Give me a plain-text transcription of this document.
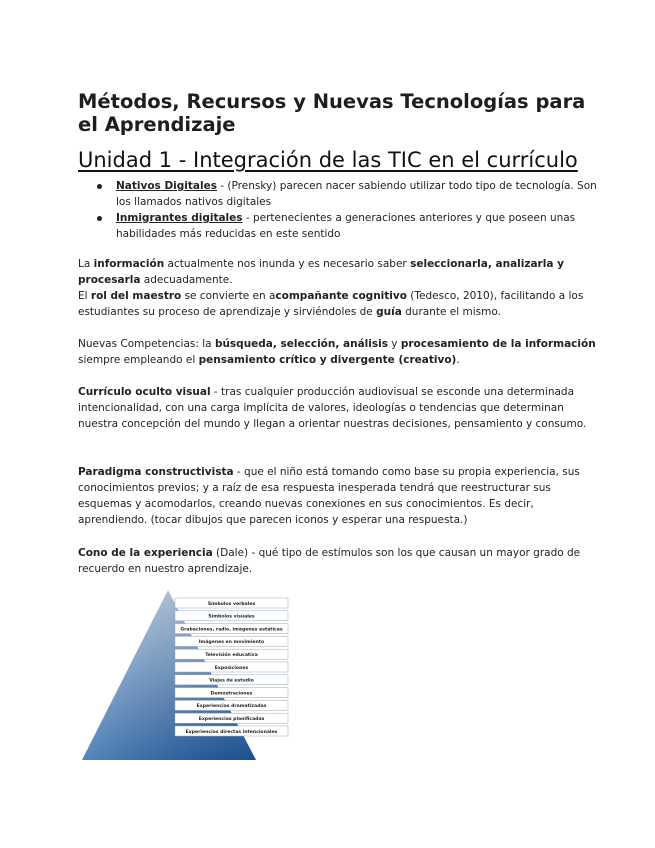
Métodos, Recursos y Nuevas Tecnologías para el Aprendizaje
Unidad 1 - Integración de las TIC en el currículo
Nativos Digitales - (Prensky) parecen nacer sabiendo utilizar todo tipo de tecnología. Son los llamados nativos digitales
Inmigrantes digitales - pertenecientes a generaciones anteriores y que poseen unas habilidades más reducidas en este sentido

La información actualmente nos inunda y es necesario saber seleccionarla, analizarla y procesarla adecuadamente.
El rol del maestro se convierte en acompañante cognitivo (Tedesco, 2010), facilitando a los estudiantes su proceso de aprendizaje y sirviéndoles de guía durante el mismo.

Nuevas Competencias: la búsqueda, selección, análisis y procesamiento de la información siempre empleando el pensamiento crítico y divergente (creativo).

Currículo oculto visual - tras cualquier producción audiovisual se esconde una determinada intencionalidad, con una carga implícita de valores, ideologías o tendencias que determinan nuestra concepción del mundo y llegan a orientar nuestras decisiones, pensamiento y consumo.

Paradigma constructivista - que el niño está tomando como base su propia experiencia, sus conocimientos previos; y a raíz de esa respuesta inesperada tendrá que reestructurar sus esquemas y acomodarlos, creando nuevas conexiones en sus conocimientos. Es decir, aprendiendo. (tocar dibujos que parecen iconos y esperar una respuesta.)

Cono de la experiencia (Dale) - qué tipo de estímulos son los que causan un mayor grado de recuerdo en nuestro aprendizaje.

Símbolos verbales
Símbolos visuales
Grabaciones, radio, imágenes estáticas
Imágenes en movimiento
Televisión educativa
Exposiciones
Viajes de estudio
Demostraciones
Experiencias dramatizadas
Experiencias planificadas
Experiencias directas intencionales
